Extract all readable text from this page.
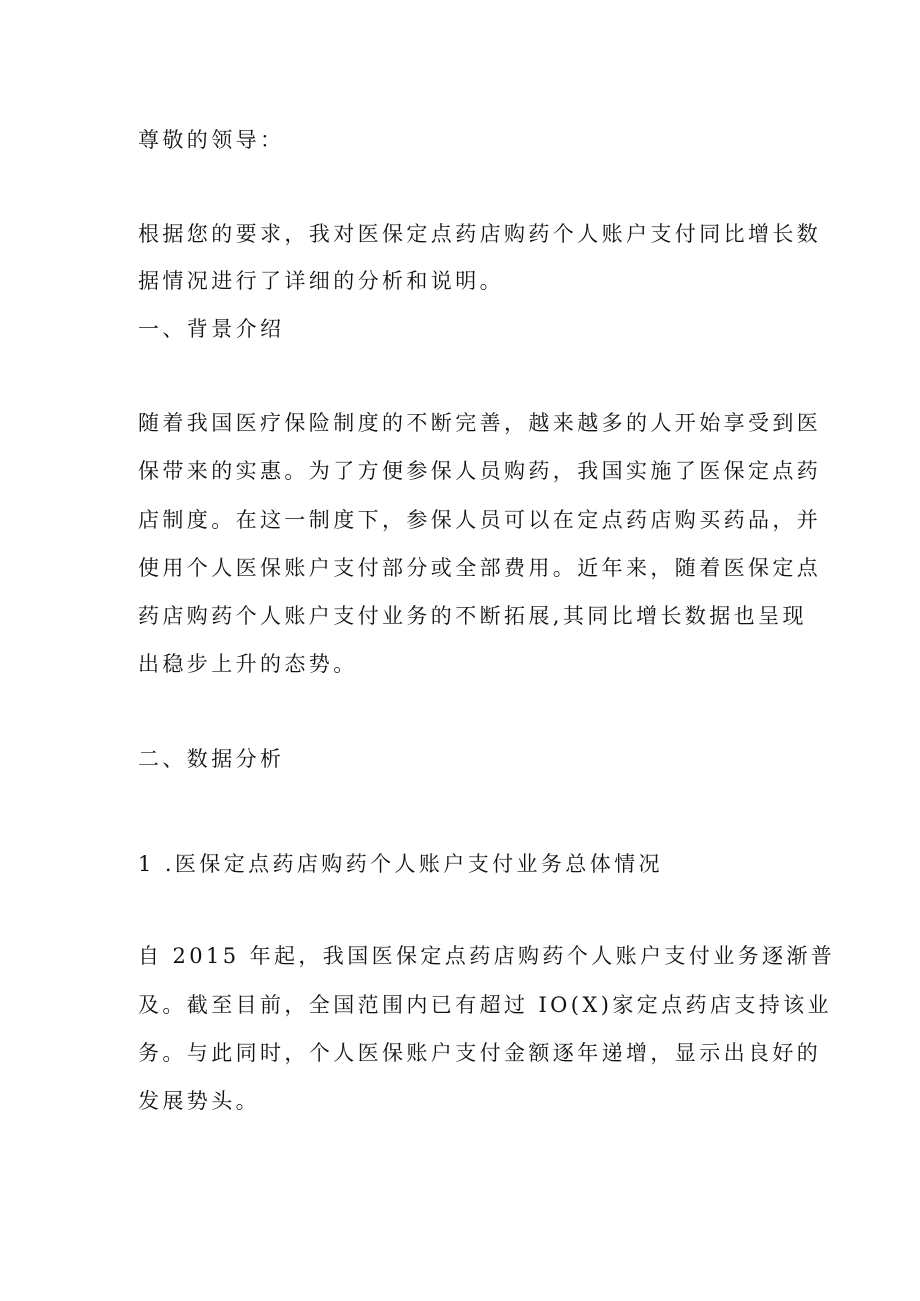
尊敬的领导：
根据您的要求，我对医保定点药店购药个人账户支付同比增长数
据情况进行了详细的分析和说明。
一、背景介绍
随着我国医疗保险制度的不断完善，越来越多的人开始享受到医
保带来的实惠。为了方便参保人员购药，我国实施了医保定点药
店制度。在这一制度下，参保人员可以在定点药店购买药品，并
使用个人医保账户支付部分或全部费用。近年来，随着医保定点
药店购药个人账户支付业务的不断拓展,其同比增长数据也呈现
出稳步上升的态势。
二、数据分析
1 .医保定点药店购药个人账户支付业务总体情况
自 2015 年起，我国医保定点药店购药个人账户支付业务逐渐普
及。截至目前，全国范围内已有超过 IO(X)家定点药店支持该业
务。与此同时，个人医保账户支付金额逐年递增，显示出良好的
发展势头。
